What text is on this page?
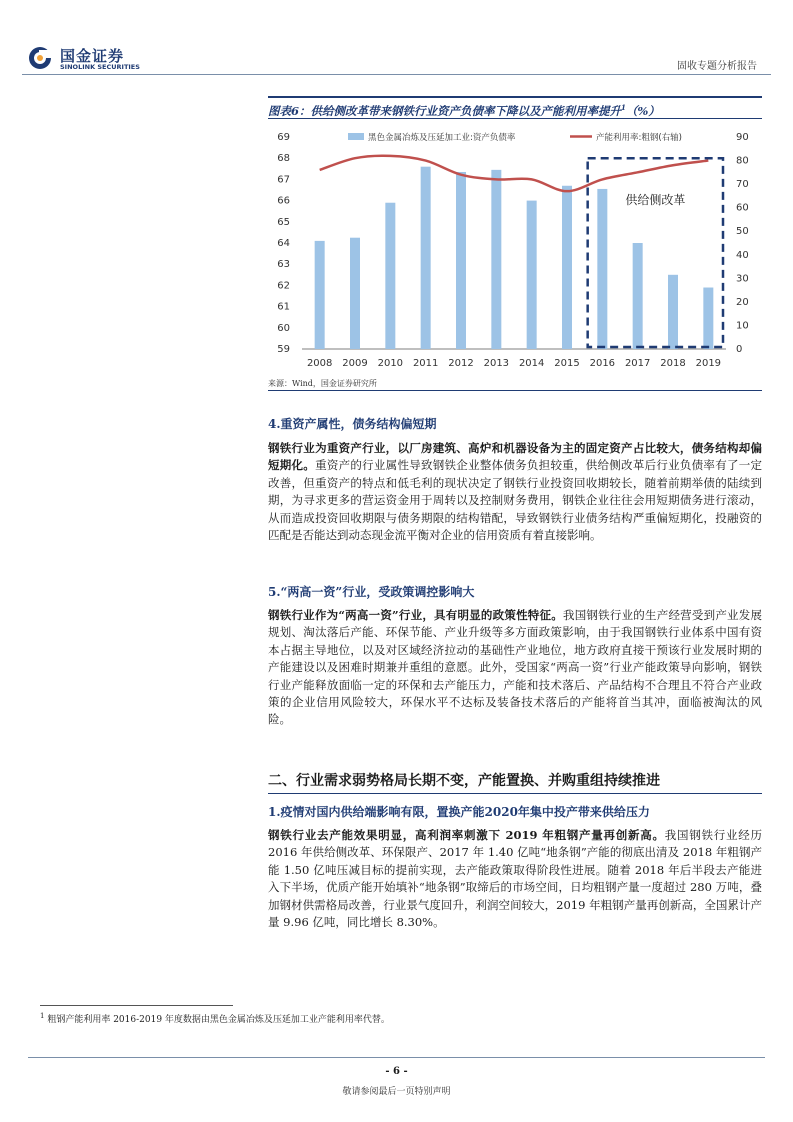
国金证券
SINOLINK SECURITIES	固收专题分析报告
图表6：供给侧改革带来钢铁行业资产负债率下降以及产能利用率提升$^1$（%）
59
60
61
62
63
64
65
66
67
68
69
0
10
20
30
40
50
60
70
80
90
2008 2009 2010 2011 2012 2013 2014 2015 2016 2017 2018 2019
供给侧改革
黑色金属冶炼及压延加工业:资产负债率	产能利用率:粗钢(右轴)
来源：Wind，国金证券研究所
4.重资产属性，债务结构偏短期
钢铁行业为重资产行业，以厂房建筑、高炉和机器设备为主的固定资产占比较大，债务结构却偏短期化。重资产的行业属性导致钢铁企业整体债务负担较重，供给侧改革后行业负债率有了一定改善，但重资产的特点和低毛利的现状决定了钢铁行业投资回收期较长，随着前期举债的陆续到期，为寻求更多的营运资金用于周转以及控制财务费用，钢铁企业往往会用短期债务进行滚动，从而造成投资回收期限与债务期限的结构错配，导致钢铁行业债务结构严重偏短期化，投融资的匹配是否能达到动态现金流平衡对企业的信用资质有着直接影响。
5.“两高一资”行业，受政策调控影响大
钢铁行业作为“两高一资”行业，具有明显的政策性特征。我国钢铁行业的生产经营受到产业发展规划、淘汰落后产能、环保节能、产业升级等多方面政策影响，由于我国钢铁行业体系中国有资本占据主导地位，以及对区域经济拉动的基础性产业地位，地方政府直接干预该行业发展时期的产能建设以及困难时期兼并重组的意愿。此外，受国家“两高一资”行业产能政策导向影响，钢铁行业产能释放面临一定的环保和去产能压力，产能和技术落后、产品结构不合理且不符合产业政策的企业信用风险较大，环保水平不达标及装备技术落后的产能将首当其冲，面临被淘汰的风险。
二、行业需求弱势格局长期不变，产能置换、并购重组持续推进
1.疫情对国内供给端影响有限，置换产能2020年集中投产带来供给压力
钢铁行业去产能效果明显，高利润率刺激下 2019 年粗钢产量再创新高。我国钢铁行业经历 2016 年供给侧改革、环保限产、2017 年 1.40 亿吨“地条钢”产能的彻底出清及 2018 年粗钢产能 1.50 亿吨压减目标的提前实现，去产能政策取得阶段性进展。随着 2018 年后半段去产能进入下半场，优质产能开始填补“地条钢”取缔后的市场空间，日均粗钢产量一度超过 280 万吨，叠加钢材供需格局改善，行业景气度回升，利润空间较大，2019 年粗钢产量再创新高，全国累计产量 9.96 亿吨，同比增长 8.30%。
$^1$ 粗钢产能利用率 2016-2019 年度数据由黑色金属冶炼及压延加工业产能利用率代替。
- 6 -
敬请参阅最后一页特别声明
